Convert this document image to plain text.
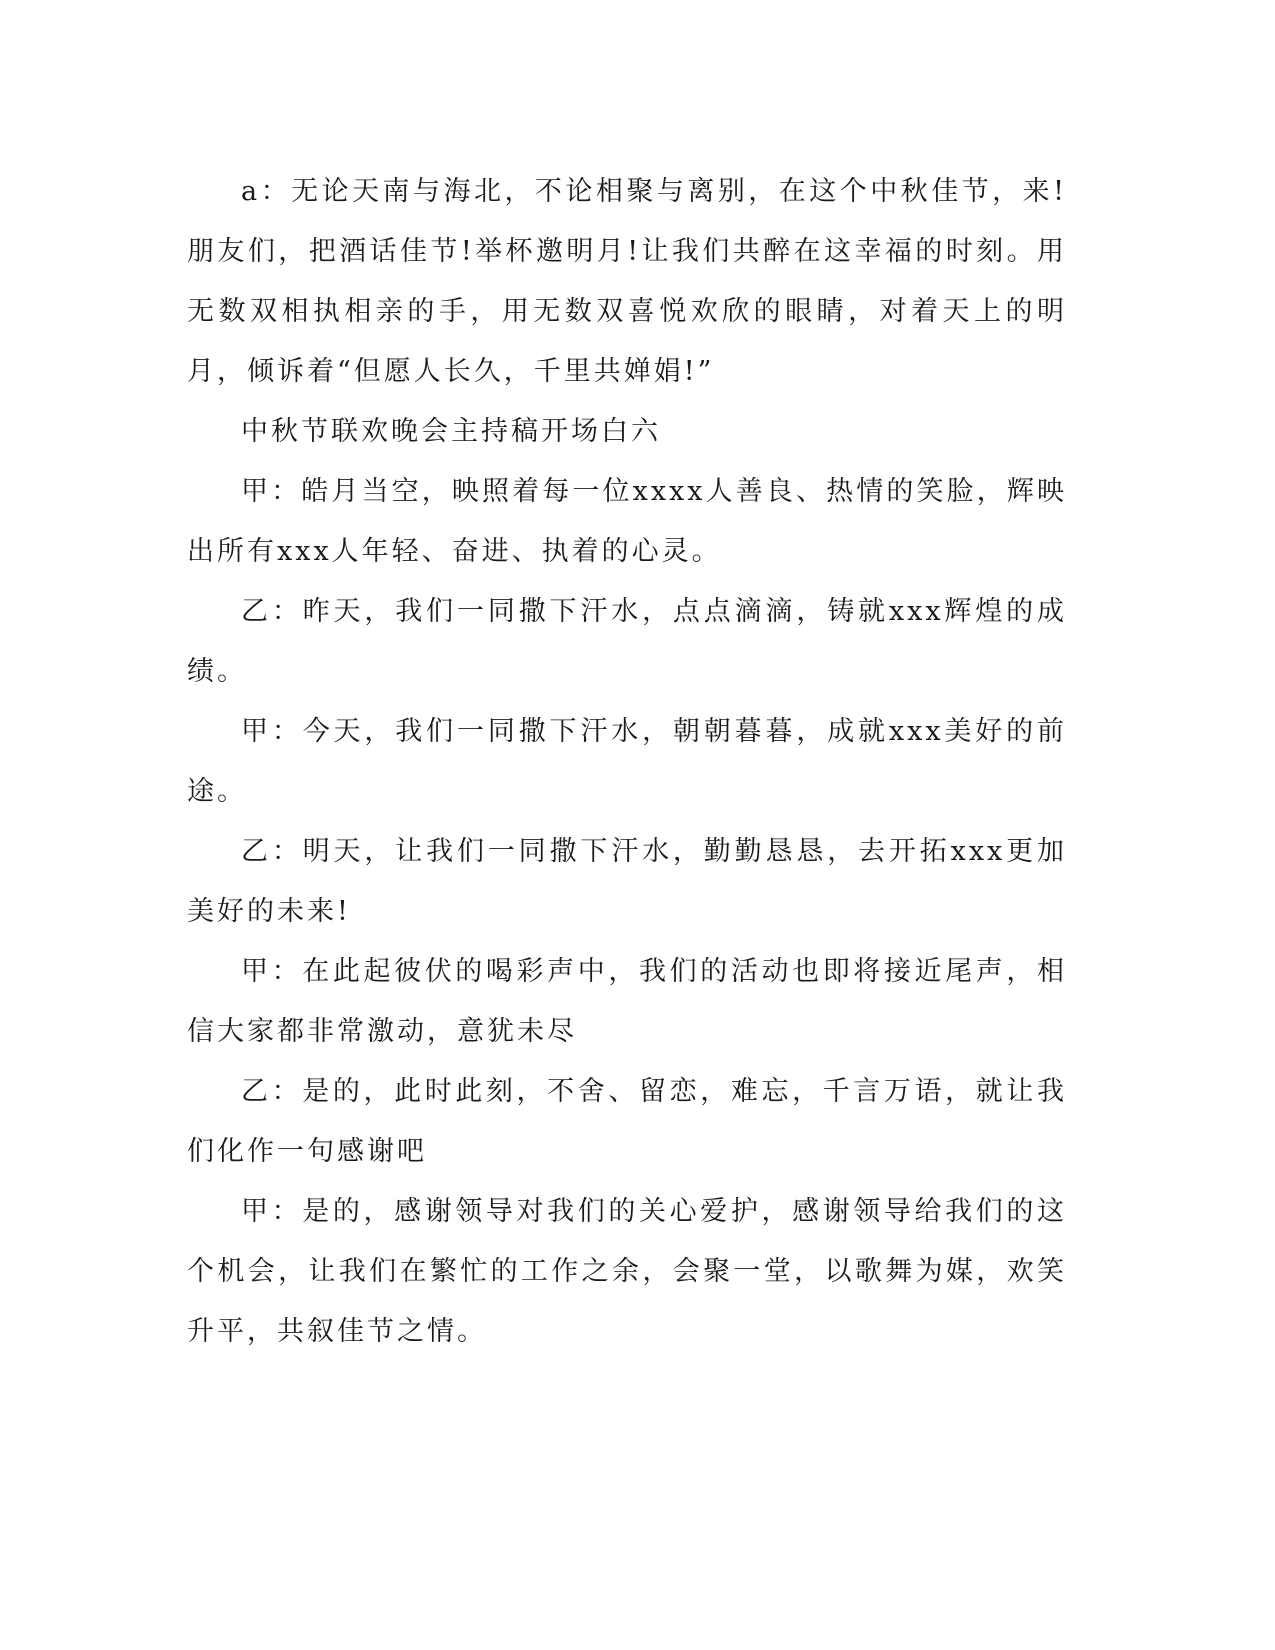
a：无论天南与海北，不论相聚与离别，在这个中秋佳节，来!朋友们，把酒话佳节!举杯邀明月!让我们共醉在这幸福的时刻。用无数双相执相亲的手，用无数双喜悦欢欣的眼睛，对着天上的明月，倾诉着“但愿人长久，千里共婵娟!”

中秋节联欢晚会主持稿开场白六

甲：皓月当空，映照着每一位xxxx人善良、热情的笑脸，辉映出所有xxx人年轻、奋进、执着的心灵。

乙：昨天，我们一同撒下汗水，点点滴滴，铸就xxx辉煌的成绩。

甲：今天，我们一同撒下汗水，朝朝暮暮，成就xxx美好的前途。

乙：明天，让我们一同撒下汗水，勤勤恳恳，去开拓xxx更加美好的未来!

甲：在此起彼伏的喝彩声中，我们的活动也即将接近尾声，相信大家都非常激动，意犹未尽

乙：是的，此时此刻，不舍、留恋，难忘，千言万语，就让我们化作一句感谢吧

甲：是的，感谢领导对我们的关心爱护，感谢领导给我们的这个机会，让我们在繁忙的工作之余，会聚一堂，以歌舞为媒，欢笑升平，共叙佳节之情。
